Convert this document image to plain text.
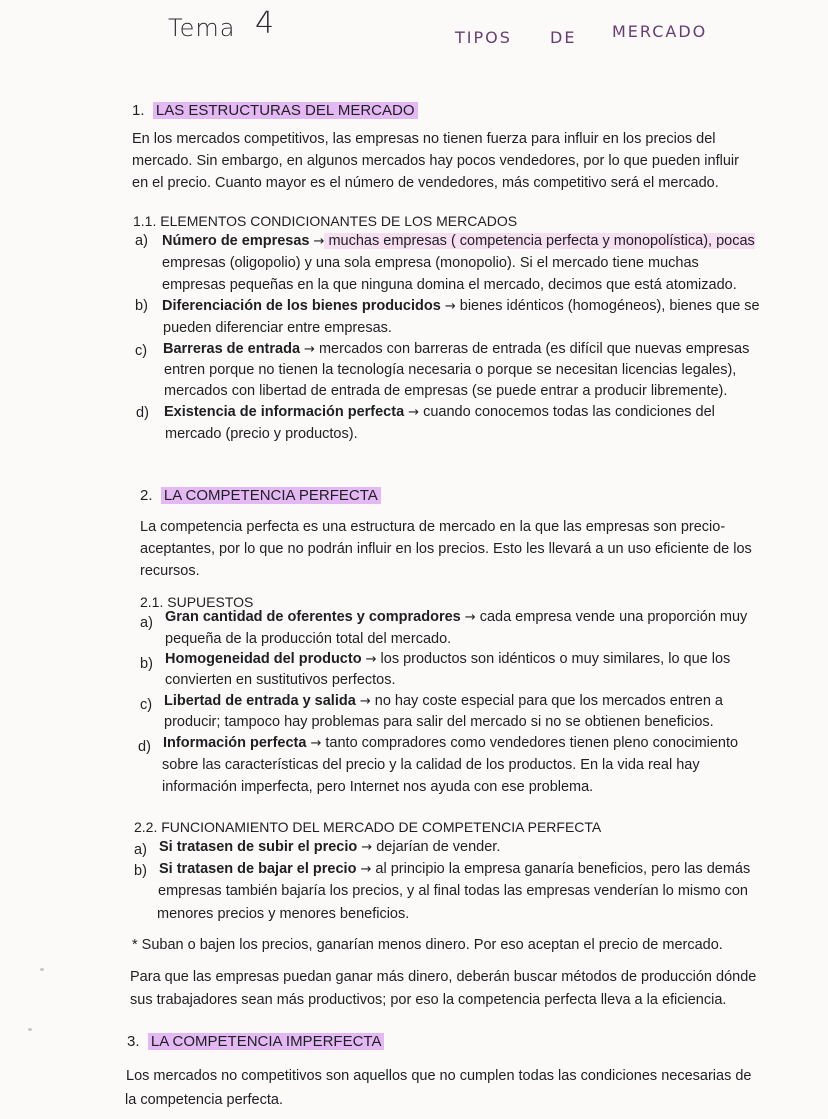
Tema 4	TIPOS DE MERCADO
1. LAS ESTRUCTURAS DEL MERCADO
En los mercados competitivos, las empresas no tienen fuerza para influir en los precios del
mercado. Sin embargo, en algunos mercados hay pocos vendedores, por lo que pueden influir
en el precio. Cuanto mayor es el número de vendedores, más competitivo será el mercado.
1.1. ELEMENTOS CONDICIONANTES DE LOS MERCADOS
a) Número de empresas → muchas empresas ( competencia perfecta y monopolística), pocas
empresas (oligopolio) y una sola empresa (monopolio). Si el mercado tiene muchas
empresas pequeñas en la que ninguna domina el mercado, decimos que está atomizado.
b) Diferenciación de los bienes producidos → bienes idénticos (homogéneos), bienes que se
pueden diferenciar entre empresas.
c) Barreras de entrada → mercados con barreras de entrada (es difícil que nuevas empresas
entren porque no tienen la tecnología necesaria o porque se necesitan licencias legales),
mercados con libertad de entrada de empresas (se puede entrar a producir libremente).
d) Existencia de información perfecta → cuando conocemos todas las condiciones del
mercado (precio y productos).
2. LA COMPETENCIA PERFECTA
La competencia perfecta es una estructura de mercado en la que las empresas son precio-
aceptantes, por lo que no podrán influir en los precios. Esto les llevará a un uso eficiente de los
recursos.
2.1. SUPUESTOS
a) Gran cantidad de oferentes y compradores → cada empresa vende una proporción muy
pequeña de la producción total del mercado.
b) Homogeneidad del producto → los productos son idénticos o muy similares, lo que los
convierten en sustitutivos perfectos.
c) Libertad de entrada y salida → no hay coste especial para que los mercados entren a
producir; tampoco hay problemas para salir del mercado si no se obtienen beneficios.
d) Información perfecta → tanto compradores como vendedores tienen pleno conocimiento
sobre las características del precio y la calidad de los productos. En la vida real hay
información imperfecta, pero Internet nos ayuda con ese problema.
2.2. FUNCIONAMIENTO DEL MERCADO DE COMPETENCIA PERFECTA
a) Si tratasen de subir el precio → dejarían de vender.
b) Si tratasen de bajar el precio → al principio la empresa ganaría beneficios, pero las demás
empresas también bajaría los precios, y al final todas las empresas venderían lo mismo con
menores precios y menores beneficios.
* Suban o bajen los precios, ganarían menos dinero. Por eso aceptan el precio de mercado.
Para que las empresas puedan ganar más dinero, deberán buscar métodos de producción dónde
sus trabajadores sean más productivos; por eso la competencia perfecta lleva a la eficiencia.
3. LA COMPETENCIA IMPERFECTA
Los mercados no competitivos son aquellos que no cumplen todas las condiciones necesarias de
la competencia perfecta.
